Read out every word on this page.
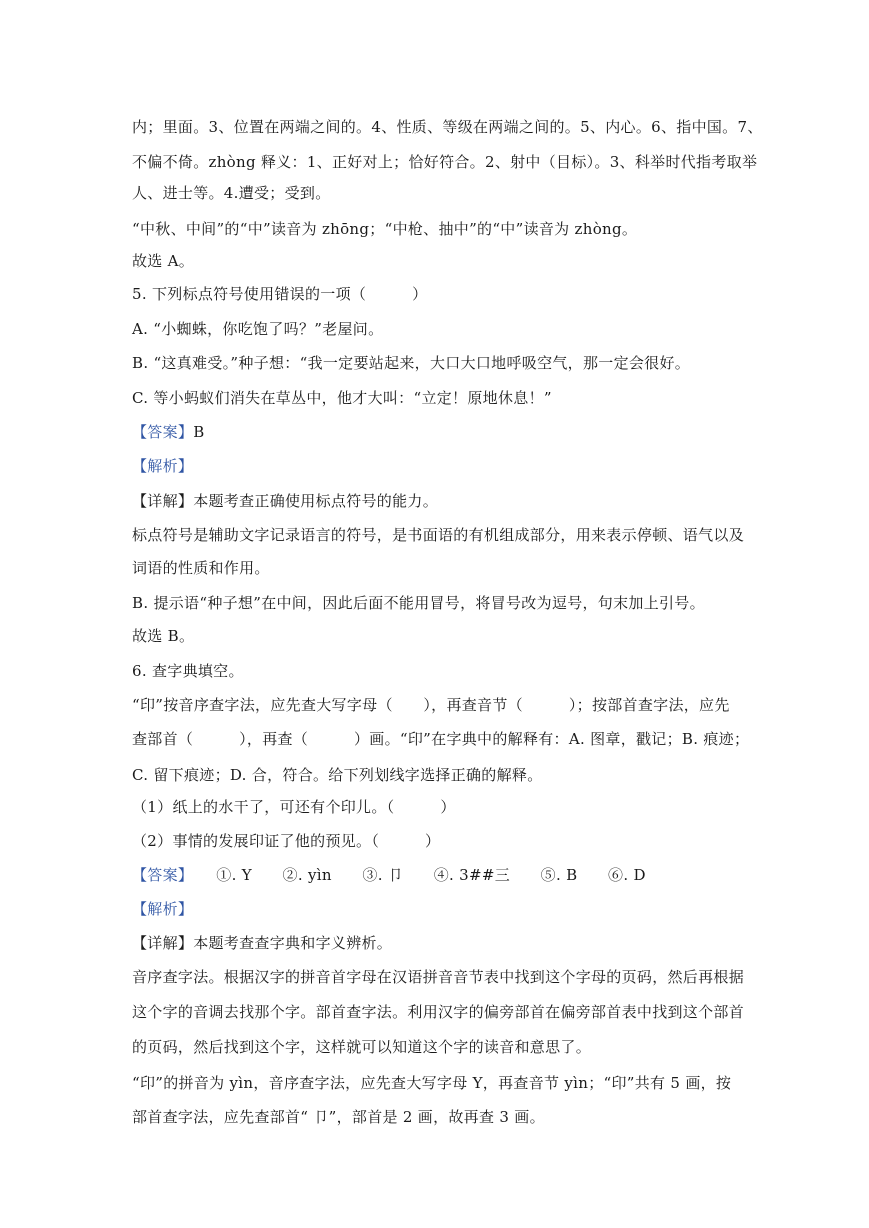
内；里面。3、位置在两端之间的。4、性质、等级在两端之间的。5、内心。6、指中国。7、
不偏不倚。zhòng 释义：1、正好对上；恰好符合。2、射中（目标）。3、科举时代指考取举
人、进士等。4.遭受；受到。
“中秋、中间”的“中”读音为 zhōng；“中枪、抽中”的“中”读音为 zhòng。
故选 A。
5. 下列标点符号使用错误的一项（　　　）
A. “小蜘蛛，你吃饱了吗？”老屋问。
B. “这真难受。”种子想：“我一定要站起来，大口大口地呼吸空气，那一定会很好。
C. 等小蚂蚁们消失在草丛中，他才大叫：“立定！原地休息！”
【答案】B
【解析】
【详解】本题考查正确使用标点符号的能力。
标点符号是辅助文字记录语言的符号，是书面语的有机组成部分，用来表示停顿、语气以及
词语的性质和作用。
B. 提示语“种子想”在中间，因此后面不能用冒号，将冒号改为逗号，句末加上引号。
故选 B。
6. 查字典填空。
“印”按音序查字法，应先查大写字母（　　），再查音节（　　　）；按部首查字法，应先
查部首（　　　），再查（　　　）画。“印”在字典中的解释有：A. 图章，戳记；B. 痕迹；
C. 留下痕迹；D. 合，符合。给下列划线字选择正确的解释。
（1）纸上的水干了，可还有个印儿。（　　　）
（2）事情的发展印证了他的预见。（　　　）
【答案】　　①. Y　　②. yìn　　③. 卩　　④. 3##三　　⑤. B　　⑥. D
【解析】
【详解】本题考查查字典和字义辨析。
音序查字法。根据汉字的拼音首字母在汉语拼音音节表中找到这个字母的页码，然后再根据
这个字的音调去找那个字。部首查字法。利用汉字的偏旁部首在偏旁部首表中找到这个部首
的页码，然后找到这个字，这样就可以知道这个字的读音和意思了。
“印”的拼音为 yìn，音序查字法，应先查大写字母 Y，再查音节 yìn；“印”共有 5 画，按
部首查字法，应先查部首“ 卩”，部首是 2 画，故再查 3 画。
